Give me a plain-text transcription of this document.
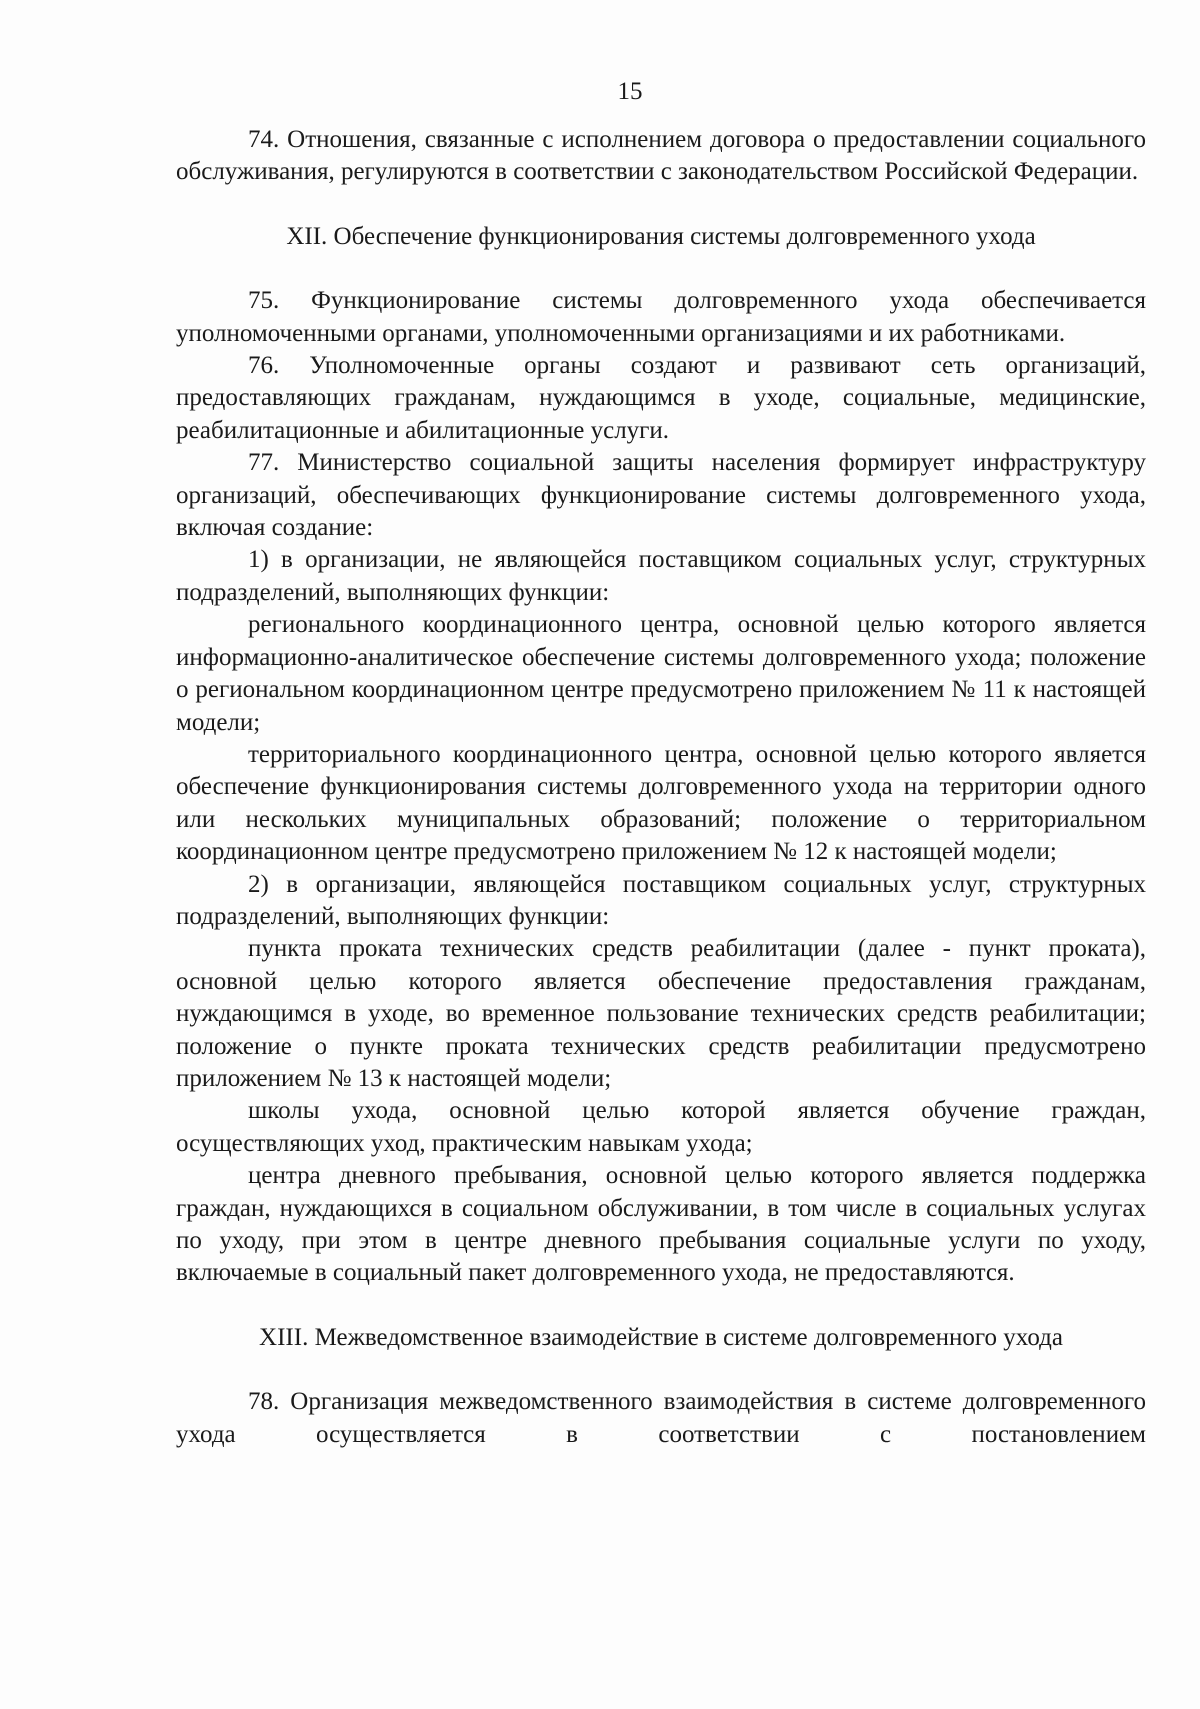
15

74. Отношения, связанные с исполнением договора о предоставлении социального обслуживания, регулируются в соответствии с законодательством Российской Федерации.

XII. Обеспечение функционирования системы долговременного ухода

75. Функционирование системы долговременного ухода обеспечивается уполномоченными органами, уполномоченными организациями и их работниками.

76. Уполномоченные органы создают и развивают сеть организаций, предоставляющих гражданам, нуждающимся в уходе, социальные, медицинские, реабилитационные и абилитационные услуги.

77. Министерство социальной защиты населения формирует инфраструктуру организаций, обеспечивающих функционирование системы долговременного ухода, включая создание:

1) в организации, не являющейся поставщиком социальных услуг, структурных подразделений, выполняющих функции:

регионального координационного центра, основной целью которого является информационно-аналитическое обеспечение системы долговременного ухода; положение о региональном координационном центре предусмотрено приложением № 11 к настоящей модели;

территориального координационного центра, основной целью которого является обеспечение функционирования системы долговременного ухода на территории одного или нескольких муниципальных образований; положение о территориальном координационном центре предусмотрено приложением № 12 к настоящей модели;

2) в организации, являющейся поставщиком социальных услуг, структурных подразделений, выполняющих функции:

пункта проката технических средств реабилитации (далее - пункт проката), основной целью которого является обеспечение предоставления гражданам, нуждающимся в уходе, во временное пользование технических средств реабилитации; положение о пункте проката технических средств реабилитации предусмотрено приложением № 13 к настоящей модели;

школы ухода, основной целью которой является обучение граждан, осуществляющих уход, практическим навыкам ухода;

центра дневного пребывания, основной целью которого является поддержка граждан, нуждающихся в социальном обслуживании, в том числе в социальных услугах по уходу, при этом в центре дневного пребывания социальные услуги по уходу, включаемые в социальный пакет долговременного ухода, не предоставляются.

XIII. Межведомственное взаимодействие в системе долговременного ухода

78. Организация межведомственного взаимодействия в системе долговременного ухода осуществляется в соответствии с постановлением
